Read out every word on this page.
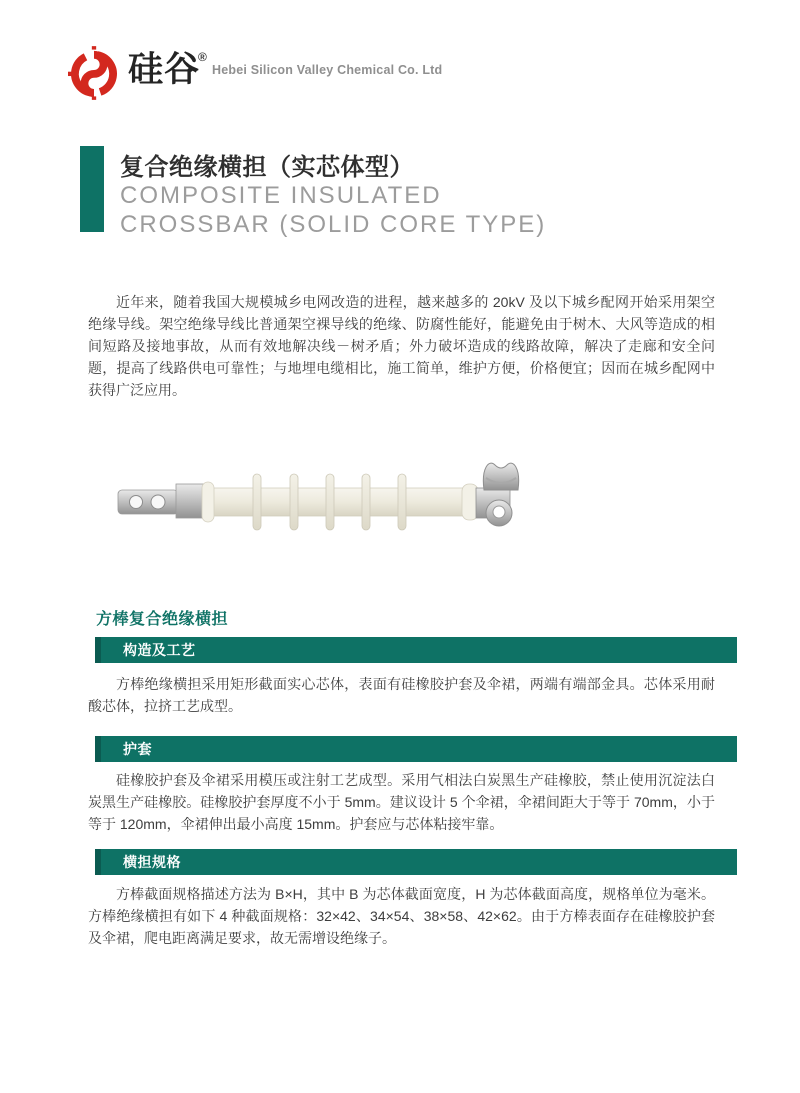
硅谷
®
Hebei Silicon Valley Chemical Co. Ltd
复合绝缘横担（实芯体型）
COMPOSITE INSULATED
CROSSBAR (SOLID CORE TYPE)
近年来，随着我国大规模城乡电网改造的进程，越来越多的 20kV 及以下城乡配网开始采用架空绝缘导线。架空绝缘导线比普通架空裸导线的绝缘、防腐性能好，能避免由于树木、大风等造成的相间短路及接地事故，从而有效地解决线－树矛盾；外力破坏造成的线路故障，解决了走廊和安全问题，提高了线路供电可靠性；与地埋电缆相比，施工简单，维护方便，价格便宜；因而在城乡配网中获得广泛应用。
方棒复合绝缘横担
构造及工艺
方棒绝缘横担采用矩形截面实心芯体，表面有硅橡胶护套及伞裙，两端有端部金具。芯体采用耐酸芯体，拉挤工艺成型。
护套
硅橡胶护套及伞裙采用模压或注射工艺成型。采用气相法白炭黑生产硅橡胶，禁止使用沉淀法白炭黑生产硅橡胶。硅橡胶护套厚度不小于 5mm。建议设计 5 个伞裙，伞裙间距大于等于 70mm，小于等于 120mm，伞裙伸出最小高度 15mm。护套应与芯体粘接牢靠。
横担规格
方棒截面规格描述方法为 B×H，其中 B 为芯体截面宽度，H 为芯体截面高度，规格单位为毫米。方棒绝缘横担有如下 4 种截面规格：32×42、34×54、38×58、42×62。由于方棒表面存在硅橡胶护套及伞裙，爬电距离满足要求，故无需增设绝缘子。
